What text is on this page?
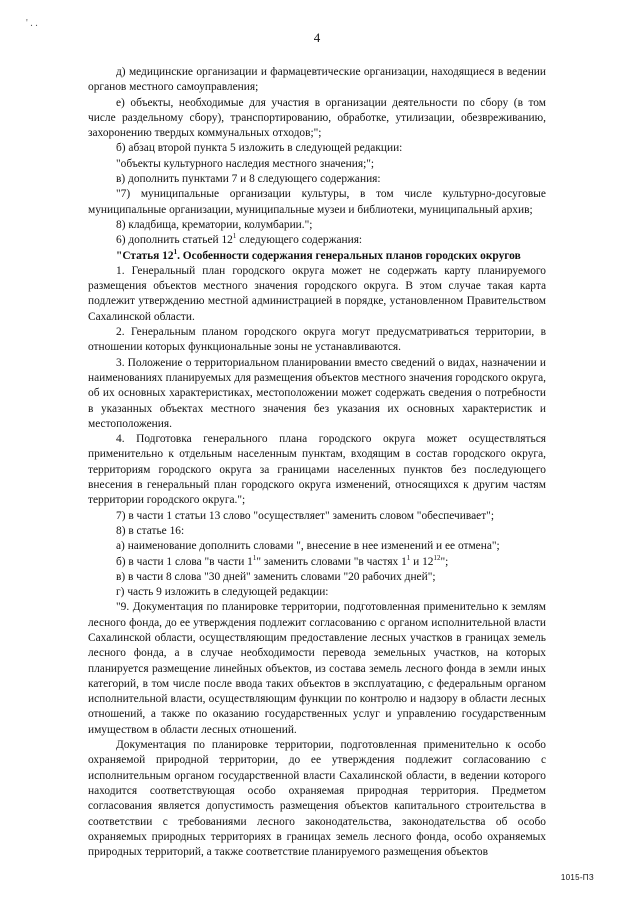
' . .
4

д) медицинские организации и фармацевтические организации, находящиеся в ведении органов местного самоуправления;

е) объекты, необходимые для участия в организации деятельности по сбору (в том числе раздельному сбору), транспортированию, обработке, утилизации, обезвреживанию, захоронению твердых коммунальных отходов;";

б) абзац второй пункта 5 изложить в следующей редакции:

"объекты культурного наследия местного значения;";

в) дополнить пунктами 7 и 8 следующего содержания:

"7) муниципальные организации культуры, в том числе культурно-досуговые муниципальные организации, муниципальные музеи и библиотеки, муниципальный архив;

8) кладбища, крематории, колумбарии.";

6) дополнить статьей $12^1$ следующего содержания:

"Статья $12^1$. Особенности содержания генеральных планов городских округов

1. Генеральный план городского округа может не содержать карту планируемого размещения объектов местного значения городского округа. В этом случае такая карта подлежит утверждению местной администрацией в порядке, установленном Правительством Сахалинской области.

2. Генеральным планом городского округа могут предусматриваться территории, в отношении которых функциональные зоны не устанавливаются.

3. Положение о территориальном планировании вместо сведений о видах, назначении и наименованиях планируемых для размещения объектов местного значения городского округа, об их основных характеристиках, местоположении может содержать сведения о потребности в указанных объектах местного значения без указания их основных характеристик и местоположения.

4. Подготовка генерального плана городского округа может осуществляться применительно к отдельным населенным пунктам, входящим в состав городского округа, территориям городского округа за границами населенных пунктов без последующего внесения в генеральный план городского округа изменений, относящихся к другим частям территории городского округа.";

7) в части 1 статьи 13 слово "осуществляет" заменить словом "обеспечивает";

8) в статье 16:

а) наименование дополнить словами ", внесение в нее изменений и ее отмена";

б) в части 1 слова "в части $1^1$" заменить словами "в частях $1^1$ и $12^{12}$";

в) в части 8 слова "30 дней" заменить словами "20 рабочих дней";

г) часть 9 изложить в следующей редакции:

"9. Документация по планировке территории, подготовленная применительно к землям лесного фонда, до ее утверждения подлежит согласованию с органом исполнительной власти Сахалинской области, осуществляющим предоставление лесных участков в границах земель лесного фонда, а в случае необходимости перевода земельных участков, на которых планируется размещение линейных объектов, из состава земель лесного фонда в земли иных категорий, в том числе после ввода таких объектов в эксплуатацию, с федеральным органом исполнительной власти, осуществляющим функции по контролю и надзору в области лесных отношений, а также по оказанию государственных услуг и управлению государственным имуществом в области лесных отношений.

Документация по планировке территории, подготовленная применительно к особо охраняемой природной территории, до ее утверждения подлежит согласованию с исполнительным органом государственной власти Сахалинской области, в ведении которого находится соответствующая особо охраняемая природная территория. Предметом согласования является допустимость размещения объектов капитального строительства в соответствии с требованиями лесного законодательства, законодательства об особо охраняемых природных территориях в границах земель лесного фонда, особо охраняемых природных территорий, а также соответствие планируемого размещения объектов

1015-ПЗ
